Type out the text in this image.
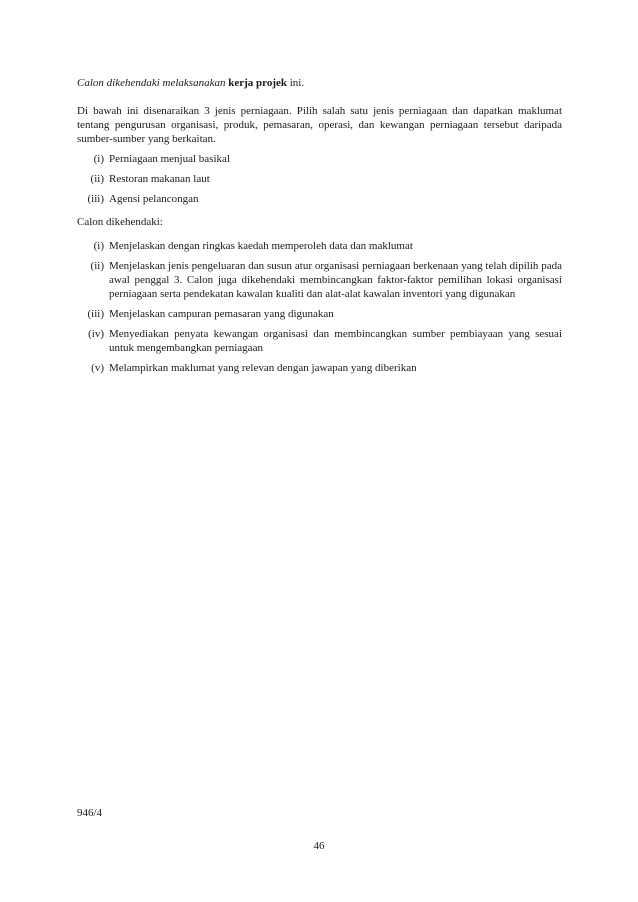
Calon dikehendaki melaksanakan kerja projek ini.
Di bawah ini disenaraikan 3 jenis perniagaan. Pilih salah satu jenis perniagaan dan dapatkan maklumat tentang pengurusan organisasi, produk, pemasaran, operasi, dan kewangan perniagaan tersebut daripada sumber-sumber yang berkaitan.
(i) Perniagaan menjual basikal
(ii) Restoran makanan laut
(iii) Agensi pelancongan
Calon dikehendaki:
(i) Menjelaskan dengan ringkas kaedah memperoleh data dan maklumat
(ii) Menjelaskan jenis pengeluaran dan susun atur organisasi perniagaan berkenaan yang telah dipilih pada awal penggal 3. Calon juga dikehendaki membincangkan faktor-faktor pemilihan lokasi organisasi perniagaan serta pendekatan kawalan kualiti dan alat-alat kawalan inventori yang digunakan
(iii) Menjelaskan campuran pemasaran yang digunakan
(iv) Menyediakan penyata kewangan organisasi dan membincangkan sumber pembiayaan yang sesuai untuk mengembangkan perniagaan
(v) Melampirkan maklumat yang relevan dengan jawapan yang diberikan
946/4
46
